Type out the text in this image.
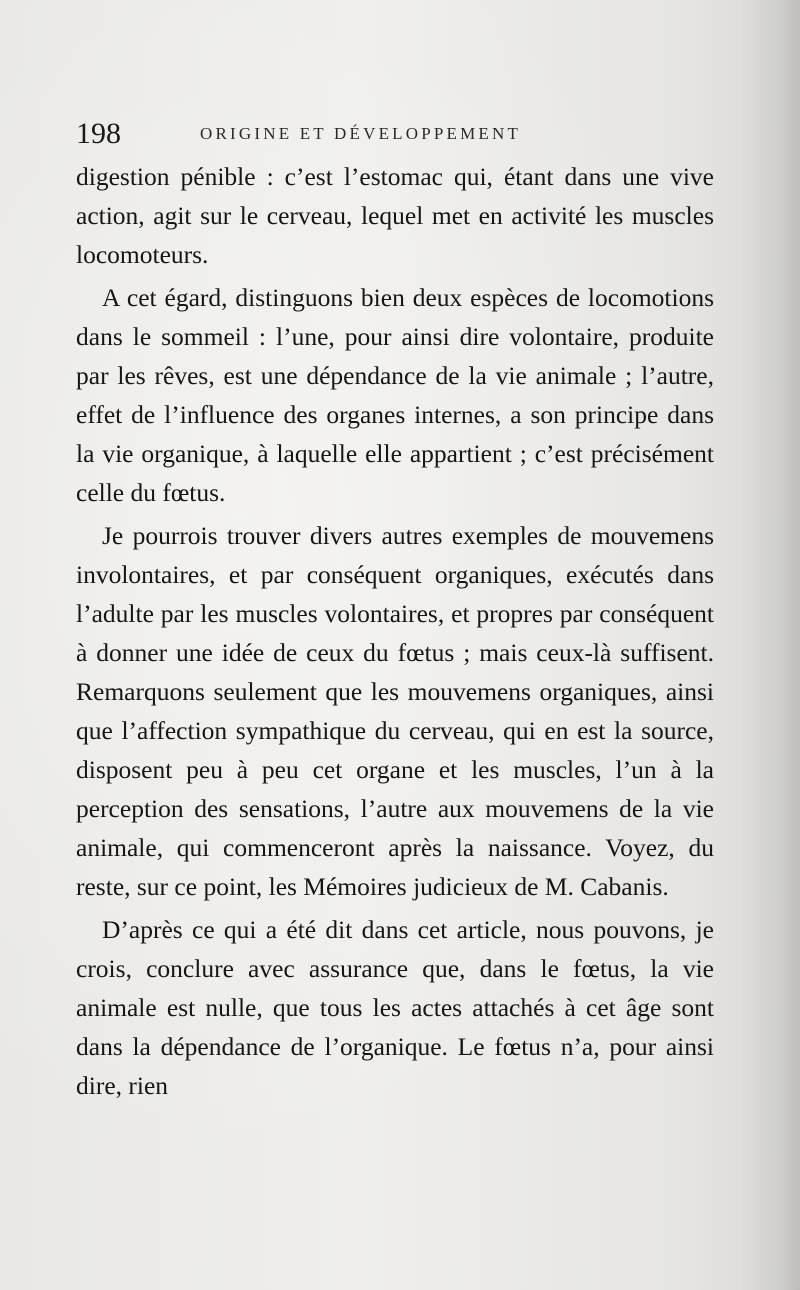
198	ORIGINE ET DÉVELOPPEMENT

digestion pénible : c’est l’estomac qui, étant dans une vive action, agit sur le cerveau, lequel met en activité les muscles locomoteurs.

A cet égard, distinguons bien deux espèces de locomotions dans le sommeil : l’une, pour ainsi dire volontaire, produite par les rêves, est une dépendance de la vie animale ; l’autre, effet de l’influence des organes internes, a son principe dans la vie organique, à laquelle elle appartient ; c’est précisément celle du fœtus.

Je pourrois trouver divers autres exemples de mouvemens involontaires, et par conséquent organiques, exécutés dans l’adulte par les muscles volontaires, et propres par conséquent à donner une idée de ceux du fœtus ; mais ceux-là suffisent. Remarquons seulement que les mouvemens organiques, ainsi que l’affection sympathique du cerveau, qui en est la source, disposent peu à peu cet organe et les muscles, l’un à la perception des sensations, l’autre aux mouvemens de la vie animale, qui commenceront après la naissance. Voyez, du reste, sur ce point, les Mémoires judicieux de M. Cabanis.

D’après ce qui a été dit dans cet article, nous pouvons, je crois, conclure avec assurance que, dans le fœtus, la vie animale est nulle, que tous les actes attachés à cet âge sont dans la dépendance de l’organique. Le fœtus n’a, pour ainsi dire, rien
